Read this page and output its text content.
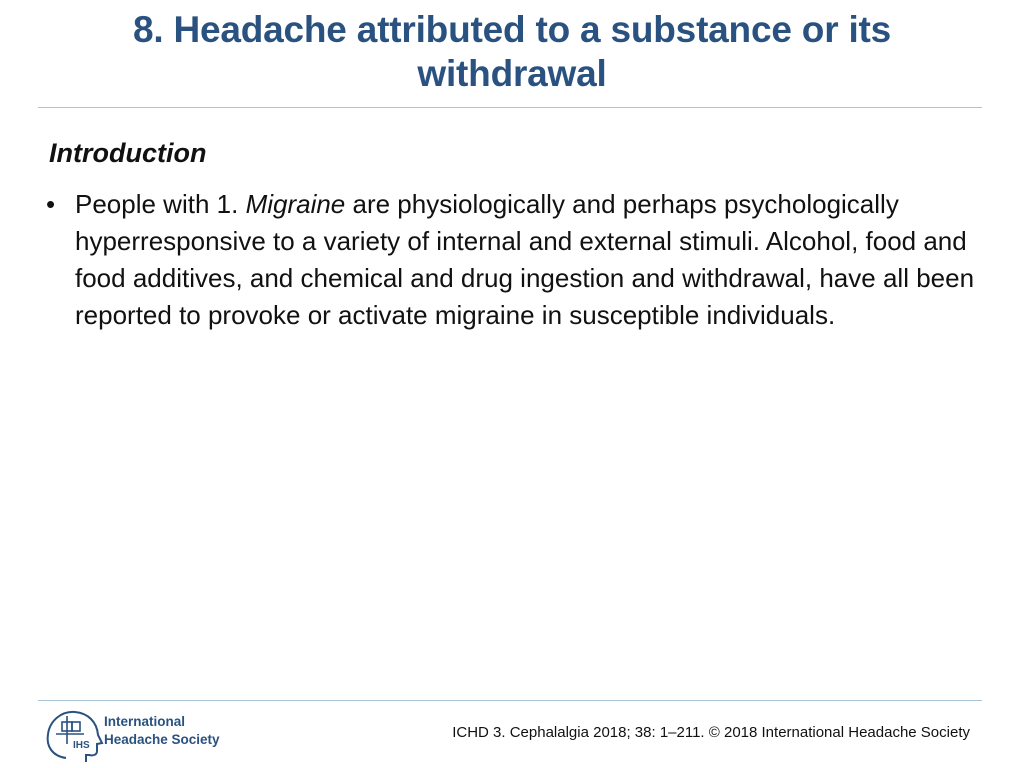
8. Headache attributed to a substance or its withdrawal
Introduction
• People with 1. Migraine are physiologically and perhaps psychologically hyperresponsive to a variety of internal and external stimuli. Alcohol, food and food additives, and chemical and drug ingestion and withdrawal, have all been reported to provoke or activate migraine in susceptible individuals.
IHS
International
Headache Society	ICHD 3. Cephalalgia 2018; 38: 1–211. © 2018 International Headache Society
